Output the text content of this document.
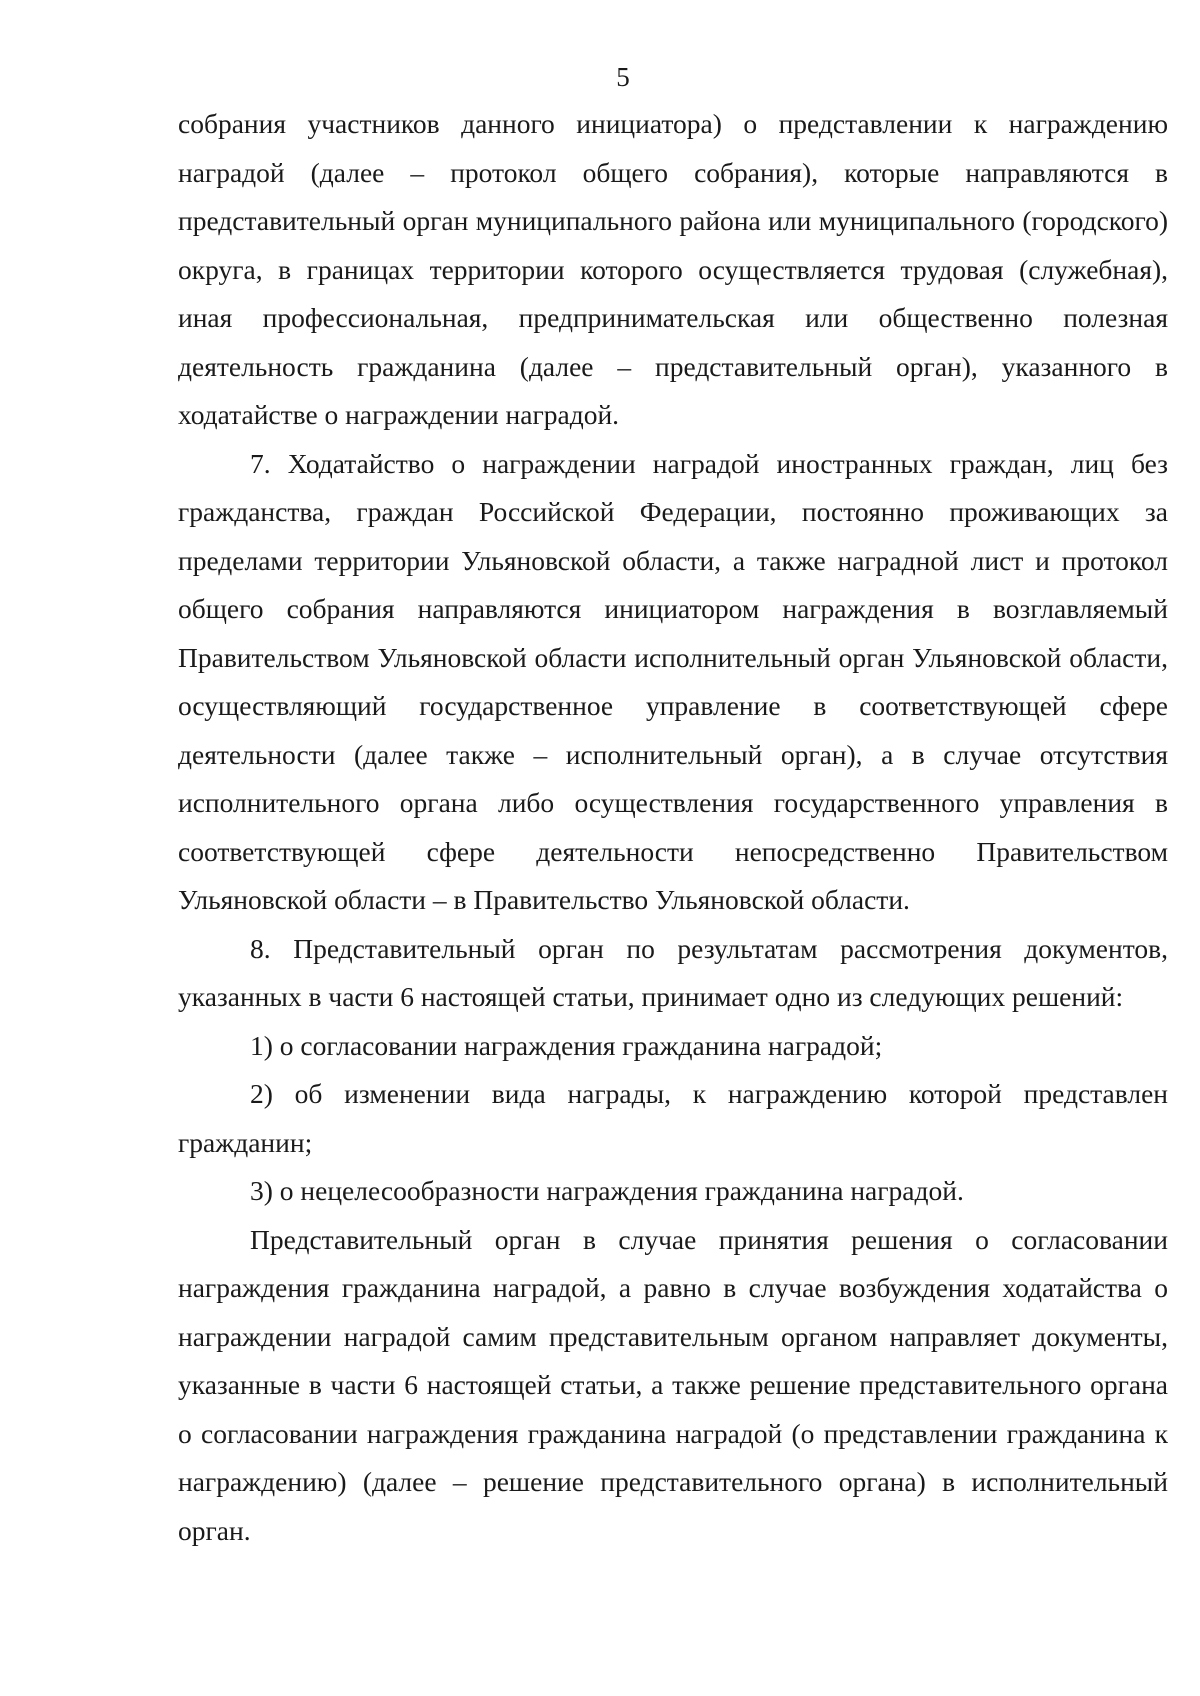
5

собрания участников данного инициатора) о представлении к награждению наградой (далее – протокол общего собрания), которые направляются в представительный орган муниципального района или муниципального (городского) округа, в границах территории которого осуществляется трудовая (служебная), иная профессиональная, предпринимательская или общественно полезная деятельность гражданина (далее – представительный орган), указанного в ходатайстве о награждении наградой.

7. Ходатайство о награждении наградой иностранных граждан, лиц без гражданства, граждан Российской Федерации, постоянно проживающих за пределами территории Ульяновской области, а также наградной лист и протокол общего собрания направляются инициатором награждения в возглавляемый Правительством Ульяновской области исполнительный орган Ульяновской области, осуществляющий государственное управление в соответствующей сфере деятельности (далее также – исполнительный орган), а в случае отсутствия исполнительного органа либо осуществления государственного управления в соответствующей сфере деятельности непосредственно Правительством Ульяновской области – в Правительство Ульяновской области.

8. Представительный орган по результатам рассмотрения документов, указанных в части 6 настоящей статьи, принимает одно из следующих решений:

1) о согласовании награждения гражданина наградой;

2) об изменении вида награды, к награждению которой представлен гражданин;

3) о нецелесообразности награждения гражданина наградой.

Представительный орган в случае принятия решения о согласовании награждения гражданина наградой, а равно в случае возбуждения ходатайства о награждении наградой самим представительным органом направляет документы, указанные в части 6 настоящей статьи, а также решение представительного органа о согласовании награждения гражданина наградой (о представлении гражданина к награждению) (далее – решение представительного органа) в исполнительный орган.
